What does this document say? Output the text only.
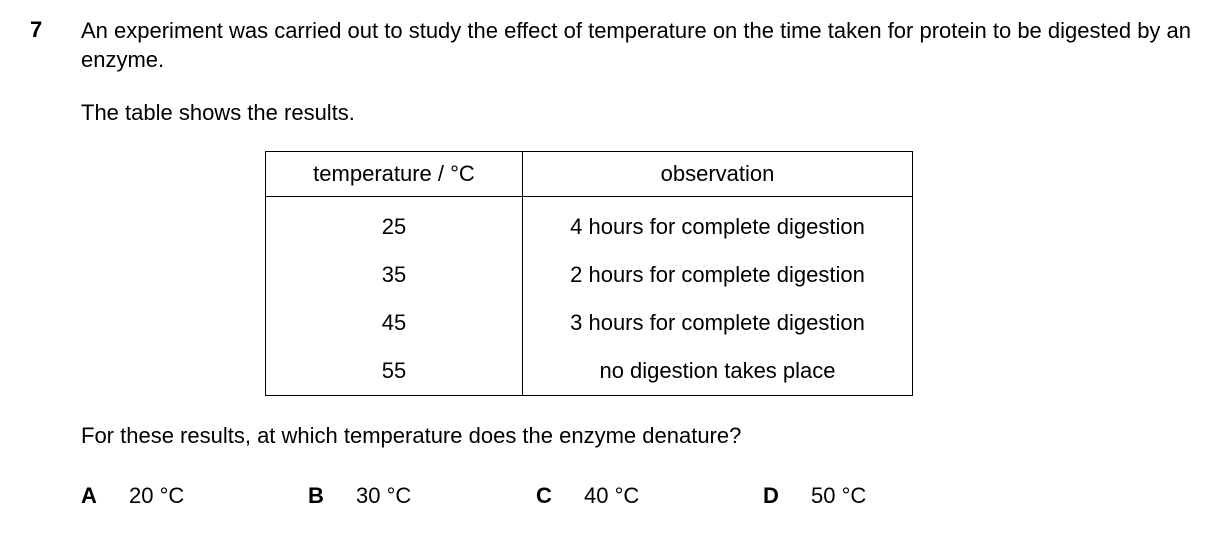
7 An experiment was carried out to study the effect of temperature on the time taken for protein to be digested by an enzyme.
The table shows the results.
temperature / °C	observation
25	4 hours for complete digestion
35	2 hours for complete digestion
45	3 hours for complete digestion
55	no digestion takes place
For these results, at which temperature does the enzyme denature?
A 20 °C	B 30 °C	C 40 °C	D 50 °C
